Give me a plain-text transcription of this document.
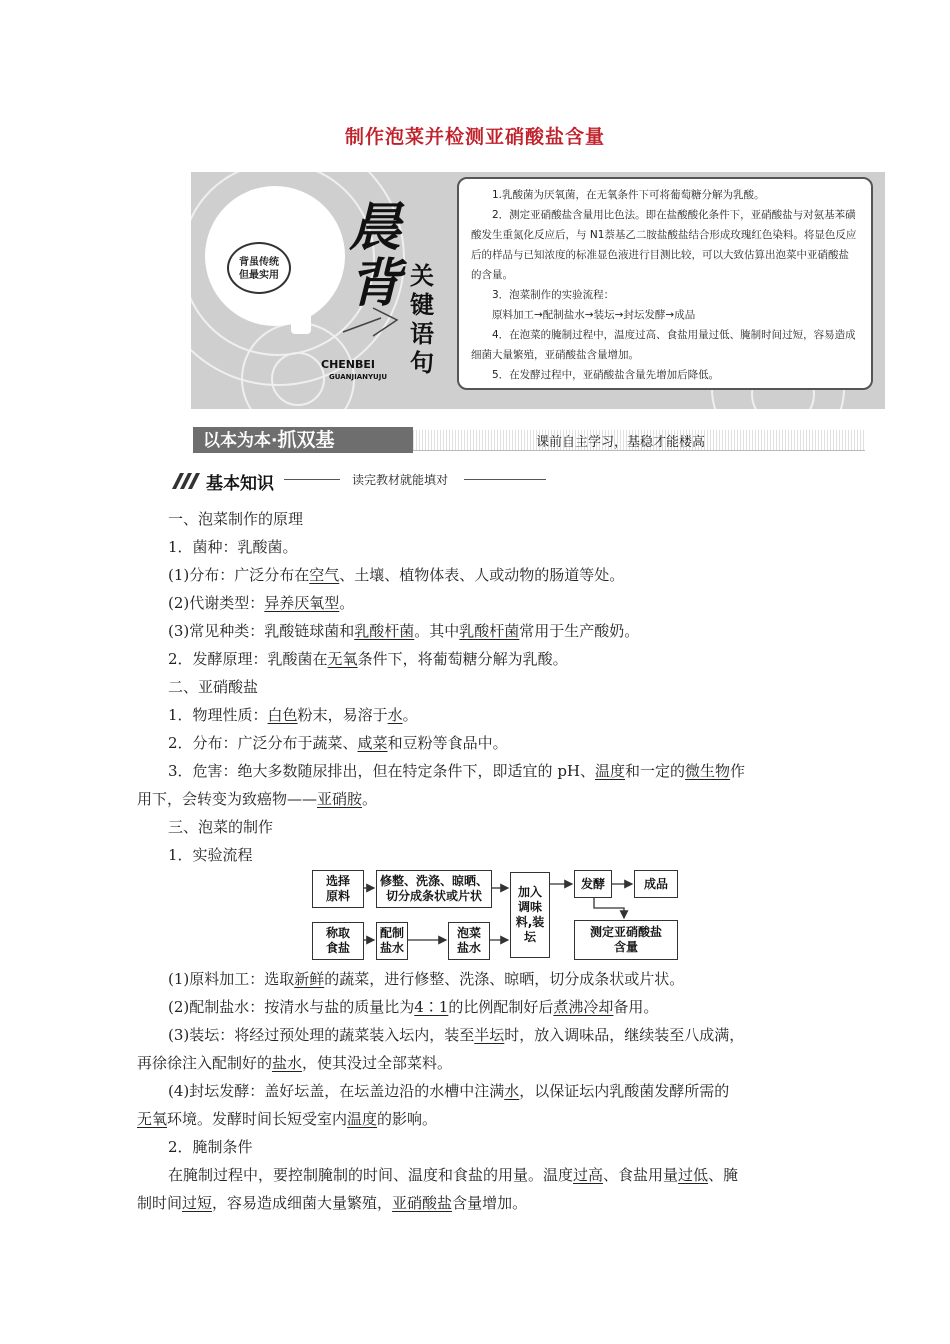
制作泡菜并检测亚硝酸盐含量
背虽传统
但最实用
晨
背 关
键
语
句
CHENBEI
GUANJIANYUJU

1.乳酸菌为厌氧菌，在无氧条件下可将葡萄糖分解为乳酸。

2．测定亚硝酸盐含量用比色法。即在盐酸酸化条件下，亚硝酸盐与对氨基苯磺酸发生重氮化反应后，与 N1萘基乙二胺盐酸盐结合形成玫瑰红色染料。将显色反应后的样品与已知浓度的标准显色液进行目测比较，可以大致估算出泡菜中亚硝酸盐的含量。

3．泡菜制作的实验流程：

原料加工→配制盐水→装坛→封坛发酵→成品

4．在泡菜的腌制过程中，温度过高、食盐用量过低、腌制时间过短，容易造成细菌大量繁殖，亚硝酸盐含量增加。

5．在发酵过程中，亚硝酸盐含量先增加后降低。

以本为本·抓双基	课前自主学习，基稳才能楼高
基本知识	读完教材就能填对
一、泡菜制作的原理
1．菌种：乳酸菌。
(1)分布：广泛分布在空气、土壤、植物体表、人或动物的肠道等处。
(2)代谢类型：异养厌氧型。
(3)常见种类：乳酸链球菌和乳酸杆菌。其中乳酸杆菌常用于生产酸奶。
2．发酵原理：乳酸菌在无氧条件下，将葡萄糖分解为乳酸。
二、亚硝酸盐
1．物理性质：白色粉末，易溶于水。
2．分布：广泛分布于蔬菜、咸菜和豆粉等食品中。
3．危害：绝大多数随尿排出，但在特定条件下，即适宜的 pH、温度和一定的微生物作
用下，会转变为致癌物——亚硝胺。
三、泡菜的制作
1．实验流程
选择
原料
修整、洗涤、晾晒、
切分成条状或片状	加入
调味
料,装
坛
发酵	成品
称取
食盐
配制
盐水
泡菜
盐水
测定亚硝酸盐
含量
(1)原料加工：选取新鲜的蔬菜，进行修整、洗涤、晾晒，切分成条状或片状。
(2)配制盐水：按清水与盐的质量比为4∶1的比例配制好后煮沸冷却备用。
(3)装坛：将经过预处理的蔬菜装入坛内，装至半坛时，放入调味品，继续装至八成满，
再徐徐注入配制好的盐水，使其没过全部菜料。
(4)封坛发酵：盖好坛盖，在坛盖边沿的水槽中注满水，以保证坛内乳酸菌发酵所需的
无氧环境。发酵时间长短受室内温度的影响。
2．腌制条件
在腌制过程中，要控制腌制的时间、温度和食盐的用量。温度过高、食盐用量过低、腌
制时间过短，容易造成细菌大量繁殖，亚硝酸盐含量增加。
